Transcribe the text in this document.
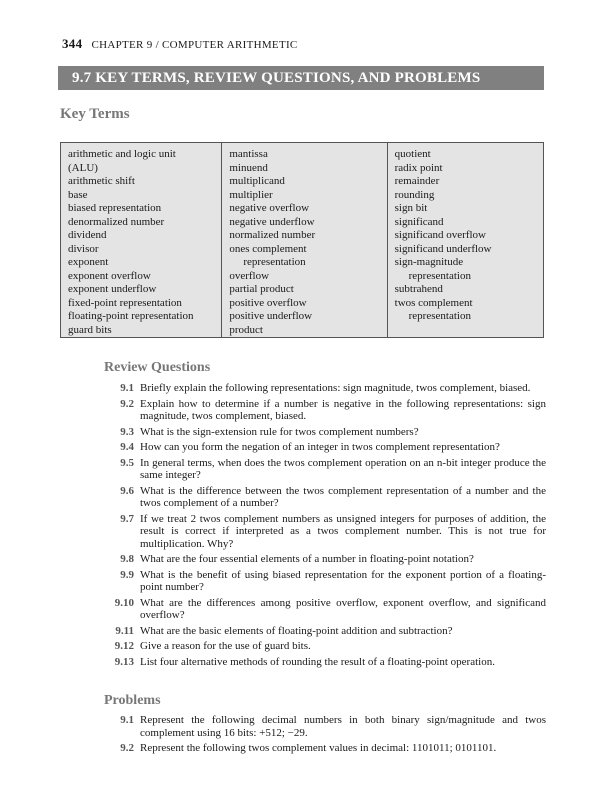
344 CHAPTER 9 / COMPUTER ARITHMETIC
9.7 KEY TERMS, REVIEW QUESTIONS, AND PROBLEMS
Key Terms
arithmetic and logic unit
(ALU)
arithmetic shift
base
biased representation
denormalized number
dividend
divisor
exponent
exponent overflow
exponent underflow
fixed-point representation
floating-point representation
guard bits
mantissa
minuend
multiplicand
multiplier
negative overflow
negative underflow
normalized number
ones complement
representation
overflow
partial product
positive overflow
positive underflow
product
quotient
radix point
remainder
rounding
sign bit
significand
significand overflow
significand underflow
sign-magnitude
representation
subtrahend
twos complement
representation
Review Questions
9.1 Briefly explain the following representations: sign magnitude, twos complement, biased.
9.2 Explain how to determine if a number is negative in the following representations: sign magnitude, twos complement, biased.
9.3 What is the sign-extension rule for twos complement numbers?
9.4 How can you form the negation of an integer in twos complement representation?
9.5 In general terms, when does the twos complement operation on an n-bit integer produce the same integer?
9.6 What is the difference between the twos complement representation of a number and the twos complement of a number?
9.7 If we treat 2 twos complement numbers as unsigned integers for purposes of addition, the result is correct if interpreted as a twos complement number. This is not true for multiplication. Why?
9.8 What are the four essential elements of a number in floating-point notation?
9.9 What is the benefit of using biased representation for the exponent portion of a floating-point number?
9.10 What are the differences among positive overflow, exponent overflow, and significand overflow?
9.11 What are the basic elements of floating-point addition and subtraction?
9.12 Give a reason for the use of guard bits.
9.13 List four alternative methods of rounding the result of a floating-point operation.
Problems
9.1 Represent the following decimal numbers in both binary sign/magnitude and twos complement using 16 bits: +512; −29.
9.2 Represent the following twos complement values in decimal: 1101011; 0101101.
